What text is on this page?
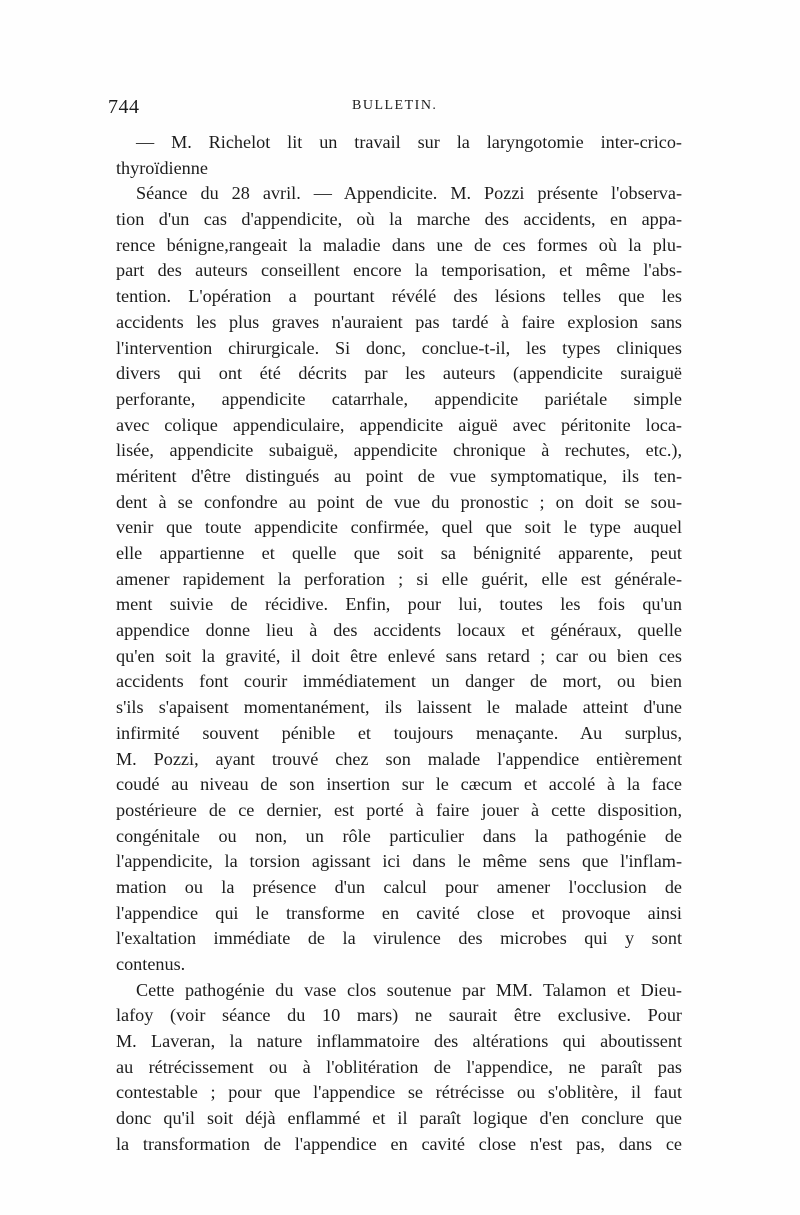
744	BULLETIN.
— M. Richelot lit un travail sur la laryngotomie inter-crico-
thyroïdienne
Séance du 28 avril. — Appendicite. M. Pozzi présente l'observa-
tion d'un cas d'appendicite, où la marche des accidents, en appa-
rence bénigne,rangeait la maladie dans une de ces formes où la plu-
part des auteurs conseillent encore la temporisation, et même l'abs-
tention. L'opération a pourtant révélé des lésions telles que les
accidents les plus graves n'auraient pas tardé à faire explosion sans
l'intervention chirurgicale. Si donc, conclue-t-il, les types cliniques
divers qui ont été décrits par les auteurs (appendicite suraiguë
perforante, appendicite catarrhale, appendicite pariétale simple
avec colique appendiculaire, appendicite aiguë avec péritonite loca-
lisée, appendicite subaiguë, appendicite chronique à rechutes, etc.),
méritent d'être distingués au point de vue symptomatique, ils ten-
dent à se confondre au point de vue du pronostic ; on doit se sou-
venir que toute appendicite confirmée, quel que soit le type auquel
elle appartienne et quelle que soit sa bénignité apparente, peut
amener rapidement la perforation ; si elle guérit, elle est générale-
ment suivie de récidive. Enfin, pour lui, toutes les fois qu'un
appendice donne lieu à des accidents locaux et généraux, quelle
qu'en soit la gravité, il doit être enlevé sans retard ; car ou bien ces
accidents font courir immédiatement un danger de mort, ou bien
s'ils s'apaisent momentanément, ils laissent le malade atteint d'une
infirmité souvent pénible et toujours menaçante. Au surplus,
M. Pozzi, ayant trouvé chez son malade l'appendice entièrement
coudé au niveau de son insertion sur le cæcum et accolé à la face
postérieure de ce dernier, est porté à faire jouer à cette disposition,
congénitale ou non, un rôle particulier dans la pathogénie de
l'appendicite, la torsion agissant ici dans le même sens que l'inflam-
mation ou la présence d'un calcul pour amener l'occlusion de
l'appendice qui le transforme en cavité close et provoque ainsi
l'exaltation immédiate de la virulence des microbes qui y sont
contenus.
Cette pathogénie du vase clos soutenue par MM. Talamon et Dieu-
lafoy (voir séance du 10 mars) ne saurait être exclusive. Pour
M. Laveran, la nature inflammatoire des altérations qui aboutissent
au rétrécissement ou à l'oblitération de l'appendice, ne paraît pas
contestable ; pour que l'appendice se rétrécisse ou s'oblitère, il faut
donc qu'il soit déjà enflammé et il paraît logique d'en conclure que
la transformation de l'appendice en cavité close n'est pas, dans ce
